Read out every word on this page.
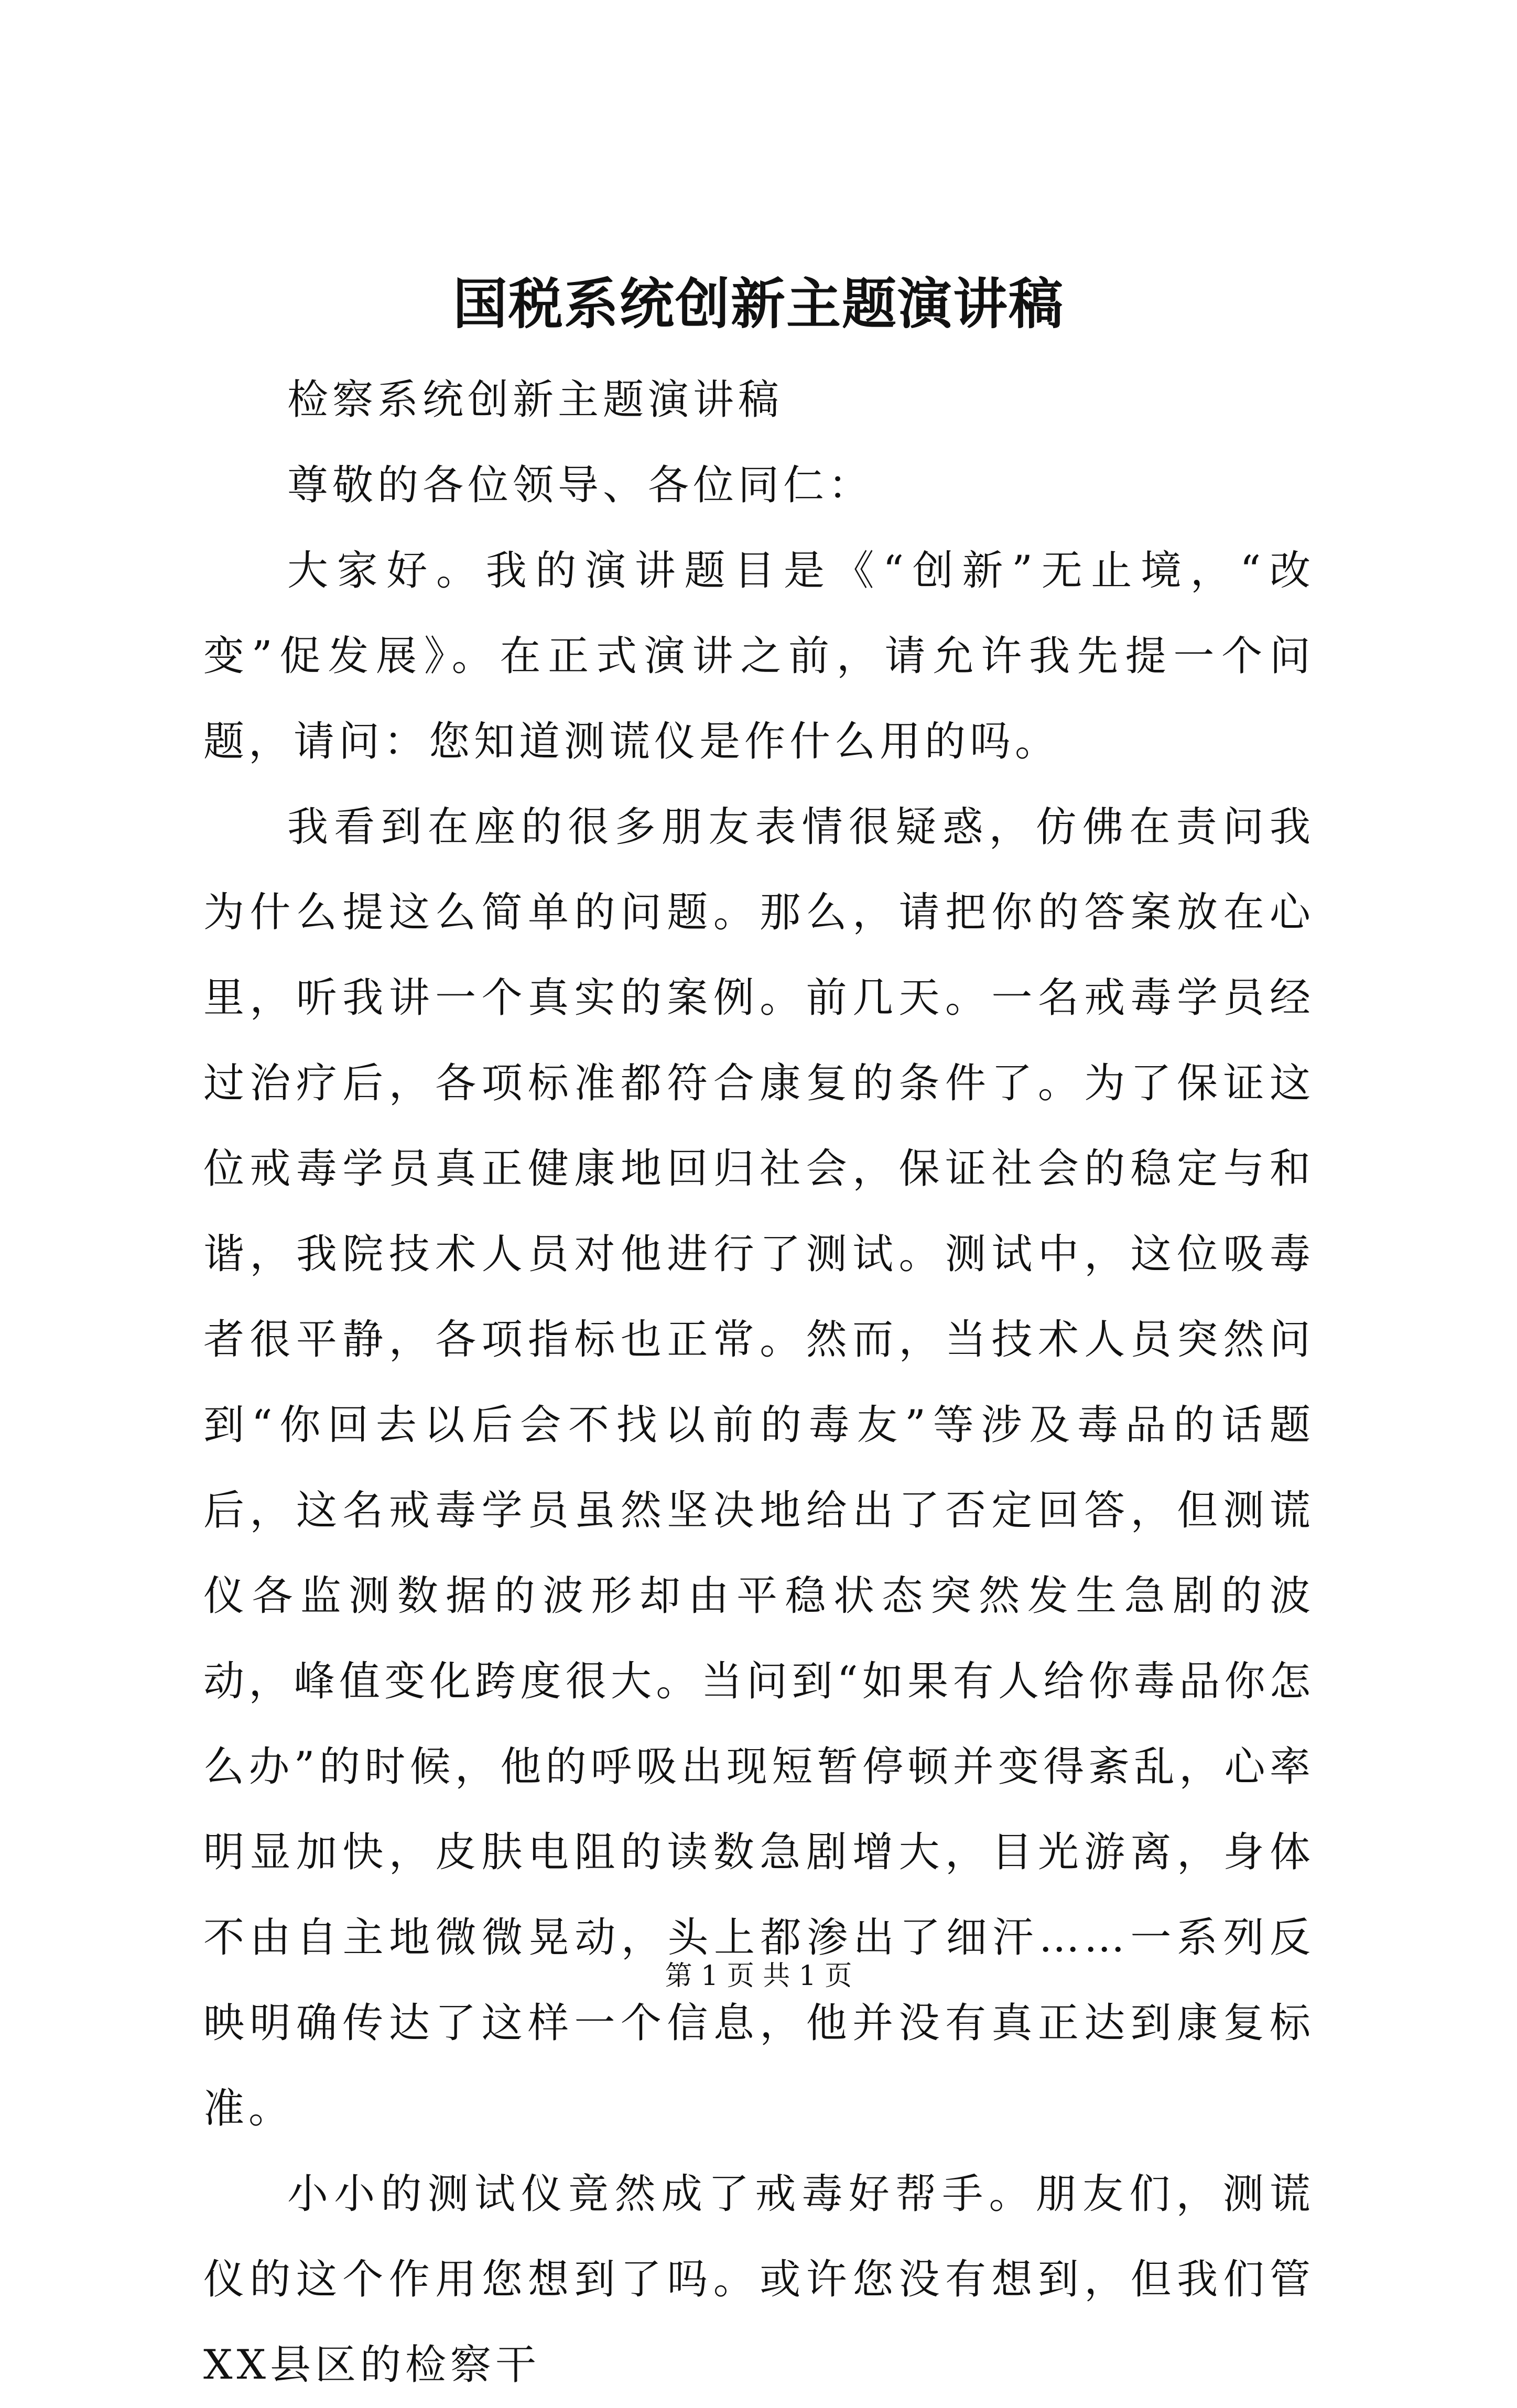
国税系统创新主题演讲稿

检察系统创新主题演讲稿

尊敬的各位领导、各位同仁：

大家好。我的演讲题目是《“创新”无止境，“改变”促发展》。在正式演讲之前，请允许我先提一个问题，请问：您知道测谎仪是作什么用的吗。

我看到在座的很多朋友表情很疑惑，仿佛在责问我为什么提这么简单的问题。那么，请把你的答案放在心里，听我讲一个真实的案例。前几天。一名戒毒学员经过治疗后，各项标准都符合康复的条件了。为了保证这位戒毒学员真正健康地回归社会，保证社会的稳定与和谐，我院技术人员对他进行了测试。测试中，这位吸毒者很平静，各项指标也正常。然而，当技术人员突然问到“你回去以后会不找以前的毒友”等涉及毒品的话题后，这名戒毒学员虽然坚决地给出了否定回答，但测谎仪各监测数据的波形却由平稳状态突然发生急剧的波动，峰值变化跨度很大。当问到“如果有人给你毒品你怎么办”的时候，他的呼吸出现短暂停顿并变得紊乱，心率明显加快，皮肤电阻的读数急剧增大，目光游离，身体不由自主地微微晃动，头上都渗出了细汗……一系列反映明确传达了这样一个信息，他并没有真正达到康复标准。

小小的测试仪竟然成了戒毒好帮手。朋友们，测谎仪的这个作用您想到了吗。或许您没有想到，但我们管XX县区的检察干

第 1 页 共 1 页
